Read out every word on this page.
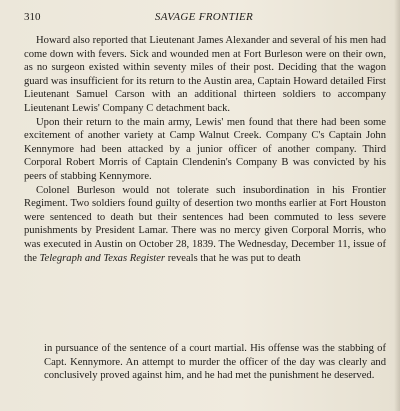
310	SAVAGE FRONTIER

Howard also reported that Lieutenant James Alexander and several of his men had come down with fevers. Sick and wounded men at Fort Burleson were on their own, as no surgeon existed within seventy miles of their post. Deciding that the wagon guard was insufficient for its return to the Austin area, Captain Howard detailed First Lieutenant Samuel Carson with an additional thirteen soldiers to accompany Lieutenant Lewis' Company C detachment back.

Upon their return to the main army, Lewis' men found that there had been some excitement of another variety at Camp Walnut Creek. Company C's Captain John Kennymore had been attacked by a junior officer of another company. Third Corporal Robert Morris of Captain Clendenin's Company B was convicted by his peers of stabbing Kennymore.

Colonel Burleson would not tolerate such insubordination in his Frontier Regiment. Two soldiers found guilty of desertion two months earlier at Fort Houston were sentenced to death but their sentences had been commuted to less severe punishments by President Lamar. There was no mercy given Corporal Morris, who was executed in Austin on October 28, 1839. The Wednesday, December 11, issue of the Telegraph and Texas Register reveals that he was put to death

in pursuance of the sentence of a court martial. His offense was the stabbing of Capt. Kennymore. An attempt to murder the officer of the day was clearly and conclusively proved against him, and he had met the punishment he deserved.
